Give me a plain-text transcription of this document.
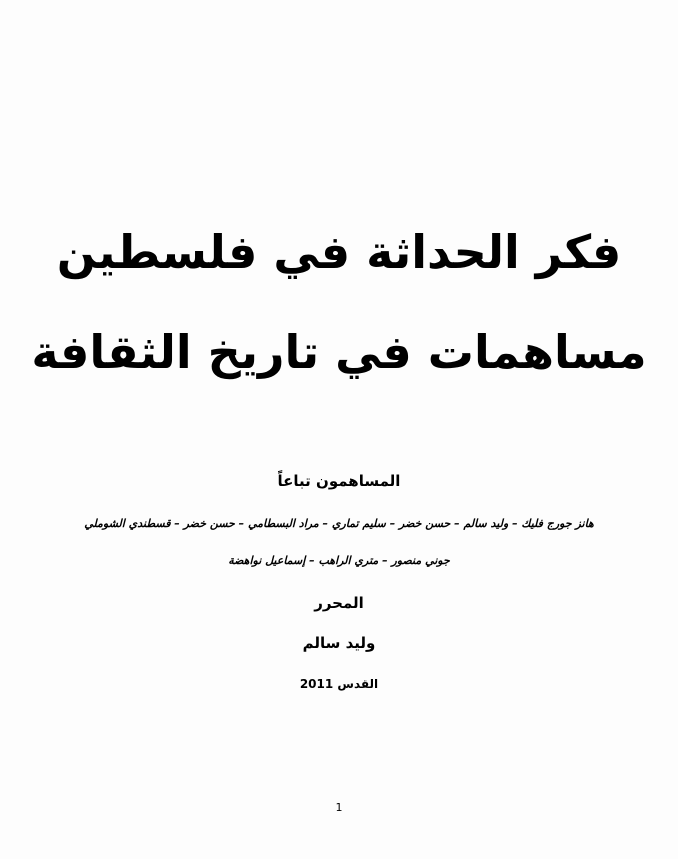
فكر الحداثة في فلسطين
مساهمات في تاريخ الثقافة
المساهمون تباعاً
هانز جورج فليك – وليد سالم – حسن خضر – سليم تماري – مراد البسطامي – حسن خضر – قسطندي الشوملي
جوني منصور – متري الراهب – إسماعيل نواهضة
المحرر
وليد سالم
القدس 2011
1
